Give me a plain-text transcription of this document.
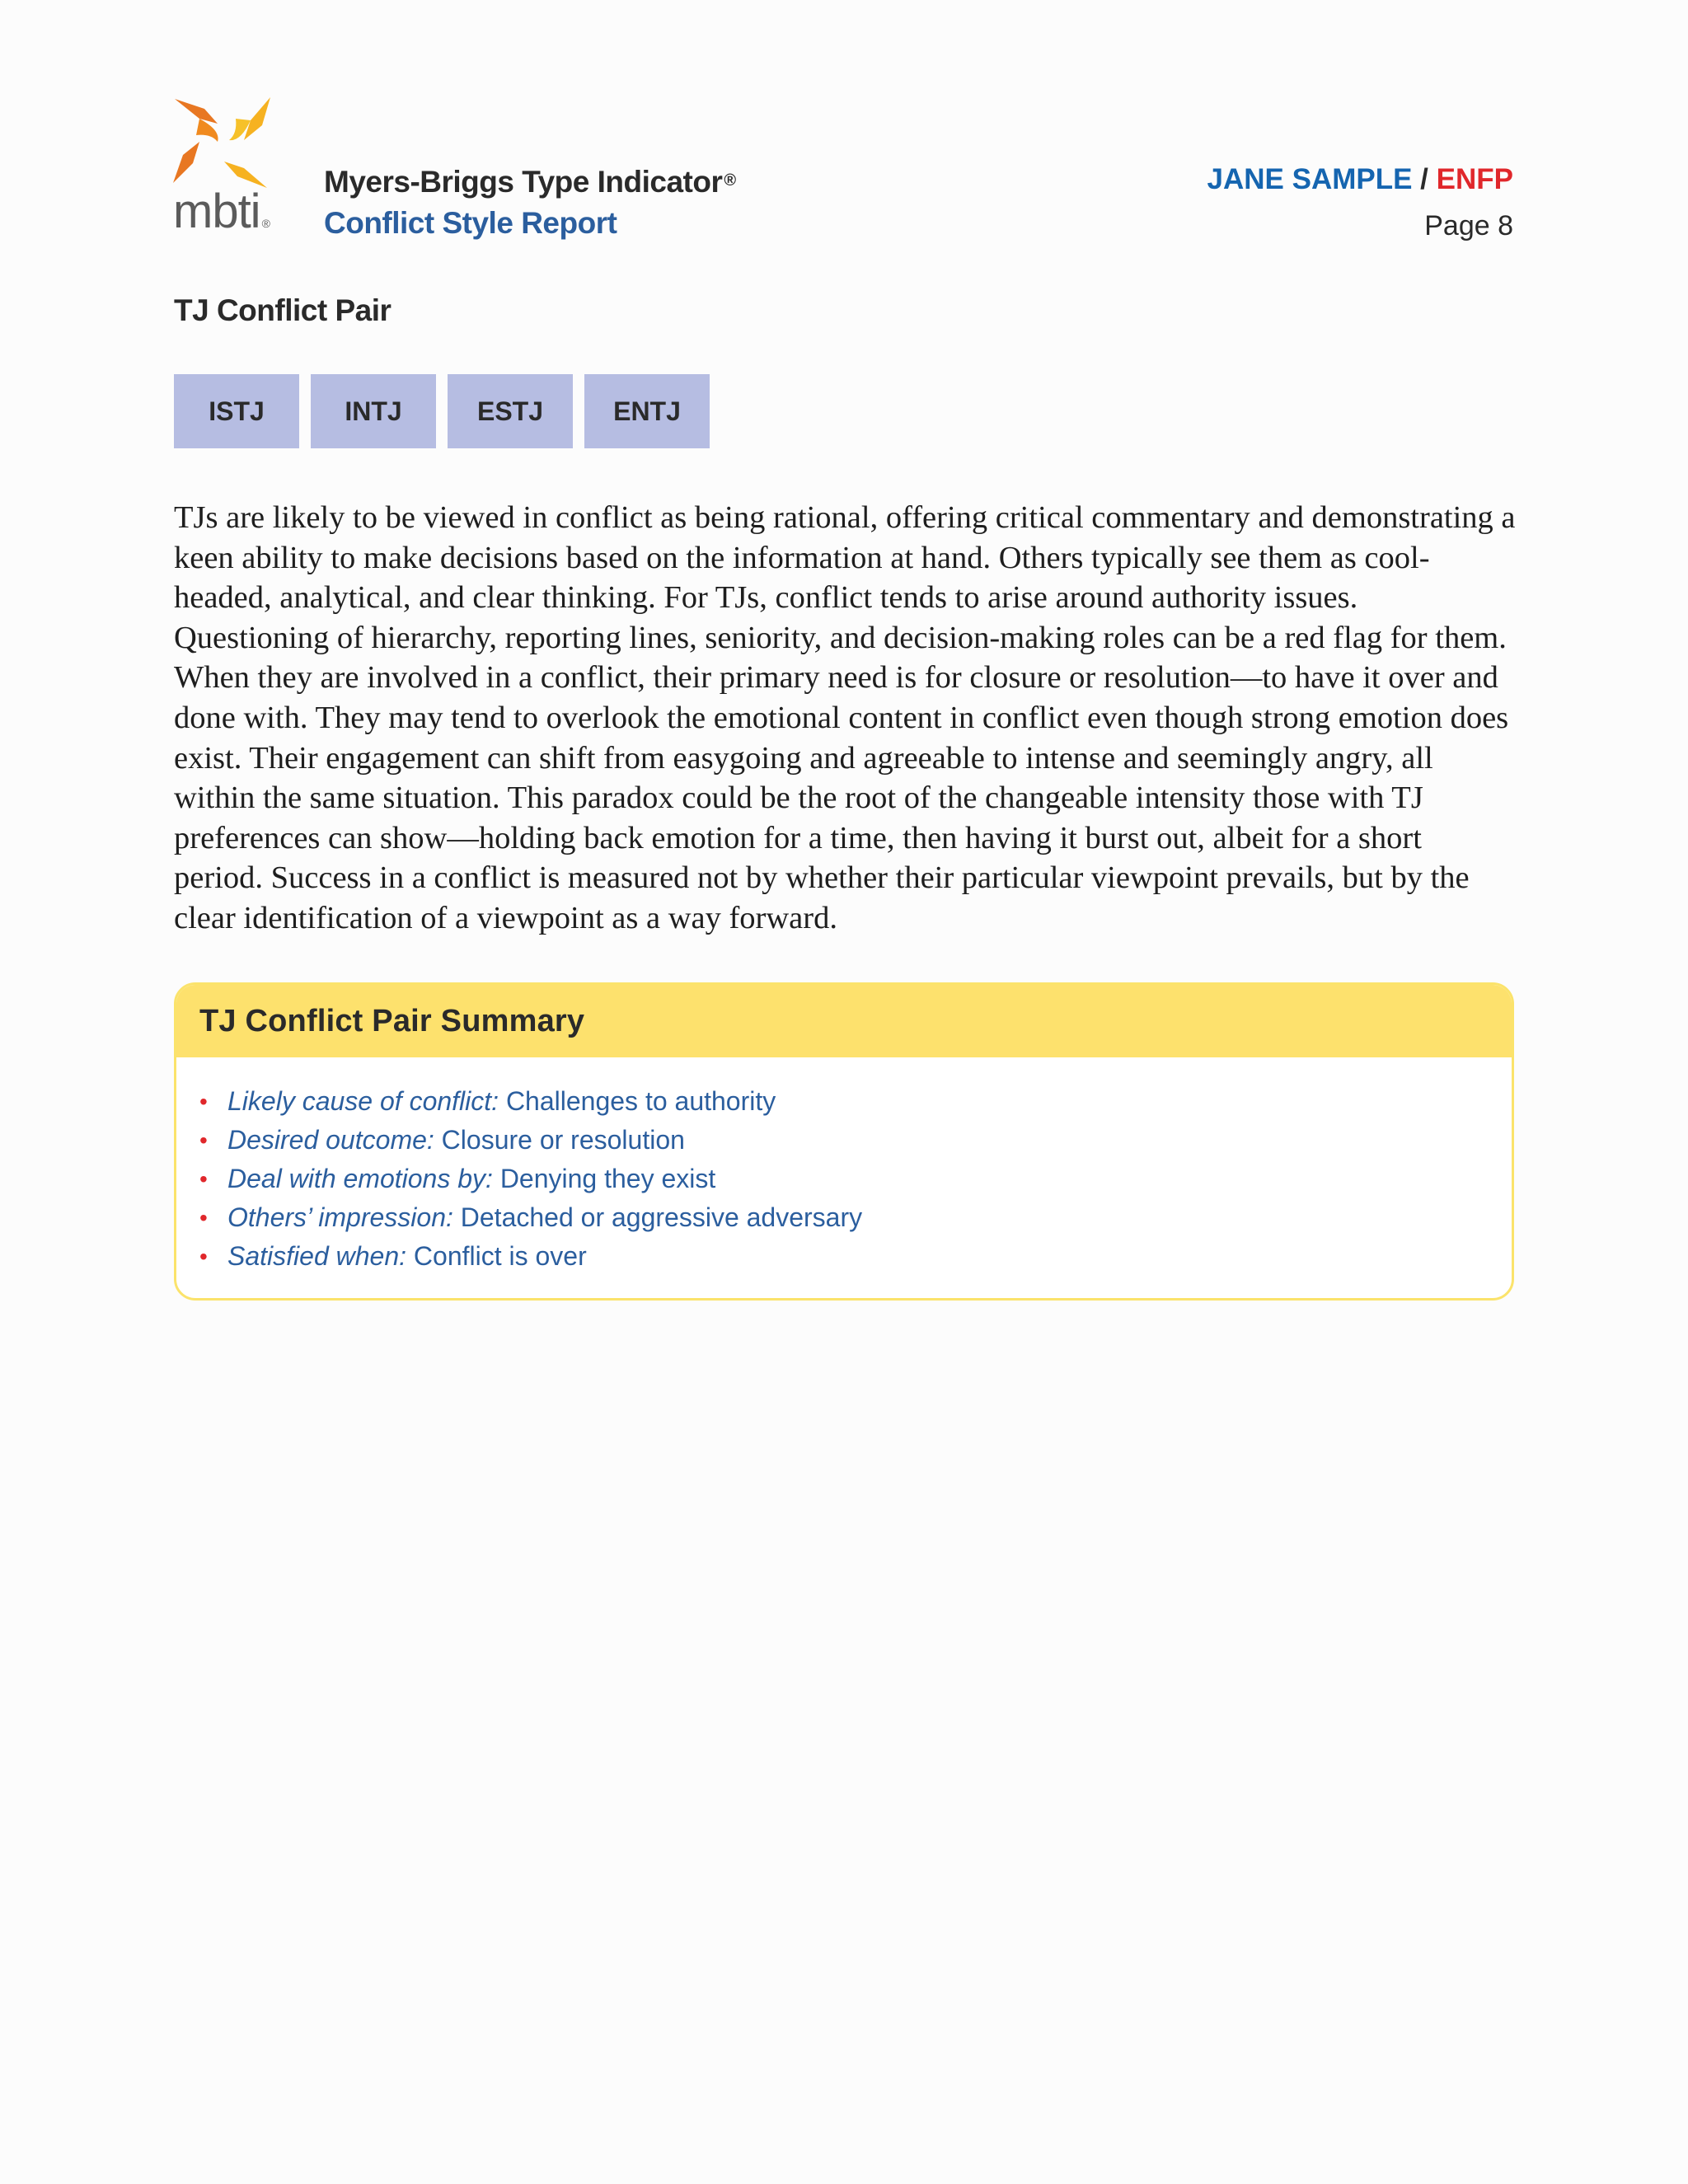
mbti ®
Myers-Briggs Type Indicator ®
Conflict Style Report
JANE SAMPLE / ENFP
Page 8
TJ Conflict Pair
ISTJ	INTJ	ESTJ	ENTJ

TJs are likely to be viewed in conflict as being rational, offering critical commentary and demonstrating a keen ability to make decisions based on the information at hand. Others typically see them as cool-headed, analytical, and clear thinking. For TJs, conflict tends to arise around authority issues. Questioning of hierarchy, reporting lines, seniority, and decision-making roles can be a red flag for them. When they are involved in a conflict, their primary need is for closure or resolution—to have it over and done with. They may tend to overlook the emotional content in conflict even though strong emotion does exist. Their engagement can shift from easygoing and agreeable to intense and seemingly angry, all within the same situation. This paradox could be the root of the changeable intensity those with TJ preferences can show—holding back emotion for a time, then having it burst out, albeit for a short period. Success in a conflict is measured not by whether their particular viewpoint prevails, but by the clear identification of a viewpoint as a way forward.

TJ Conflict Pair Summary
• Likely cause of conflict: Challenges to authority
• Desired outcome: Closure or resolution
• Deal with emotions by: Denying they exist
• Others’ impression: Detached or aggressive adversary
• Satisfied when: Conflict is over
